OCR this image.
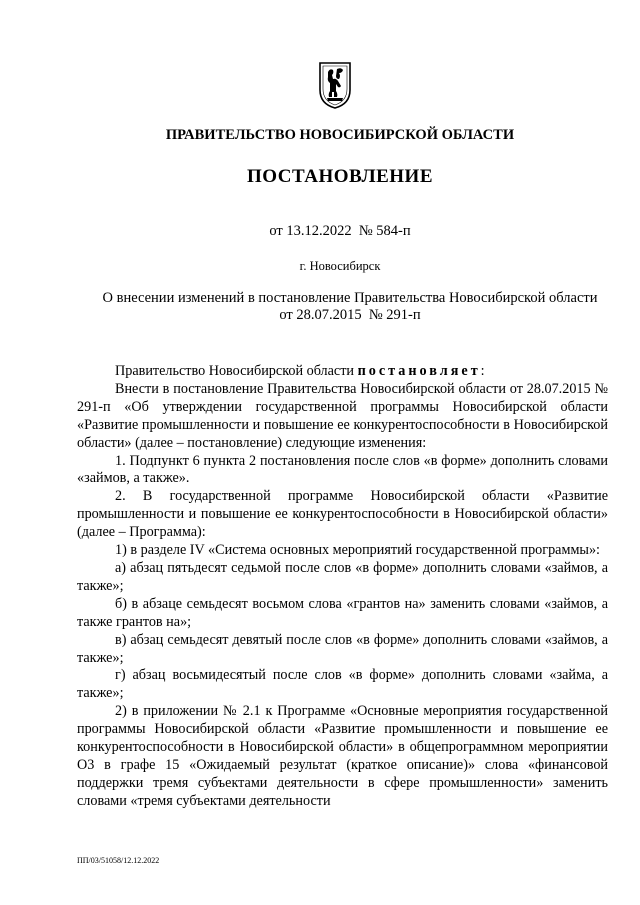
ПРАВИТЕЛЬСТВО НОВОСИБИРСКОЙ ОБЛАСТИ
ПОСТАНОВЛЕНИЕ
от 13.12.2022  № 584-п
г. Новосибирск
О внесении изменений в постановление Правительства Новосибирской области
от 28.07.2015  № 291-п

Правительство Новосибирской области постановляет:

Внести в постановление Правительства Новосибирской области от 28.07.2015 № 291-п «Об утверждении государственной программы Новосибирской области «Развитие промышленности и повышение ее конкурентоспособности в Новосибирской области» (далее – постановление) следующие изменения:

1. Подпункт 6 пункта 2 постановления после слов «в форме» дополнить словами «займов, а также».

2. В государственной программе Новосибирской области «Развитие промышленности и повышение ее конкурентоспособности в Новосибирской области» (далее – Программа):

1) в разделе IV «Система основных мероприятий государственной программы»:

а) абзац пятьдесят седьмой после слов «в форме» дополнить словами «займов, а также»;

б) в абзаце семьдесят восьмом слова «грантов на» заменить словами «займов, а также грантов на»;

в) абзац семьдесят девятый после слов «в форме» дополнить словами «займов, а также»;

г) абзац восьмидесятый после слов «в форме» дополнить словами «займа, а также»;

2) в приложении № 2.1 к Программе «Основные мероприятия государственной программы Новосибирской области «Развитие промышленности и повышение ее конкурентоспособности в Новосибирской области» в общепрограммном мероприятии О3 в графе 15 «Ожидаемый результат (краткое описание)» слова «финансовой поддержки тремя субъектами деятельности в сфере промышленности» заменить словами «тремя субъектами деятельности

ПП/03/51058/12.12.2022
